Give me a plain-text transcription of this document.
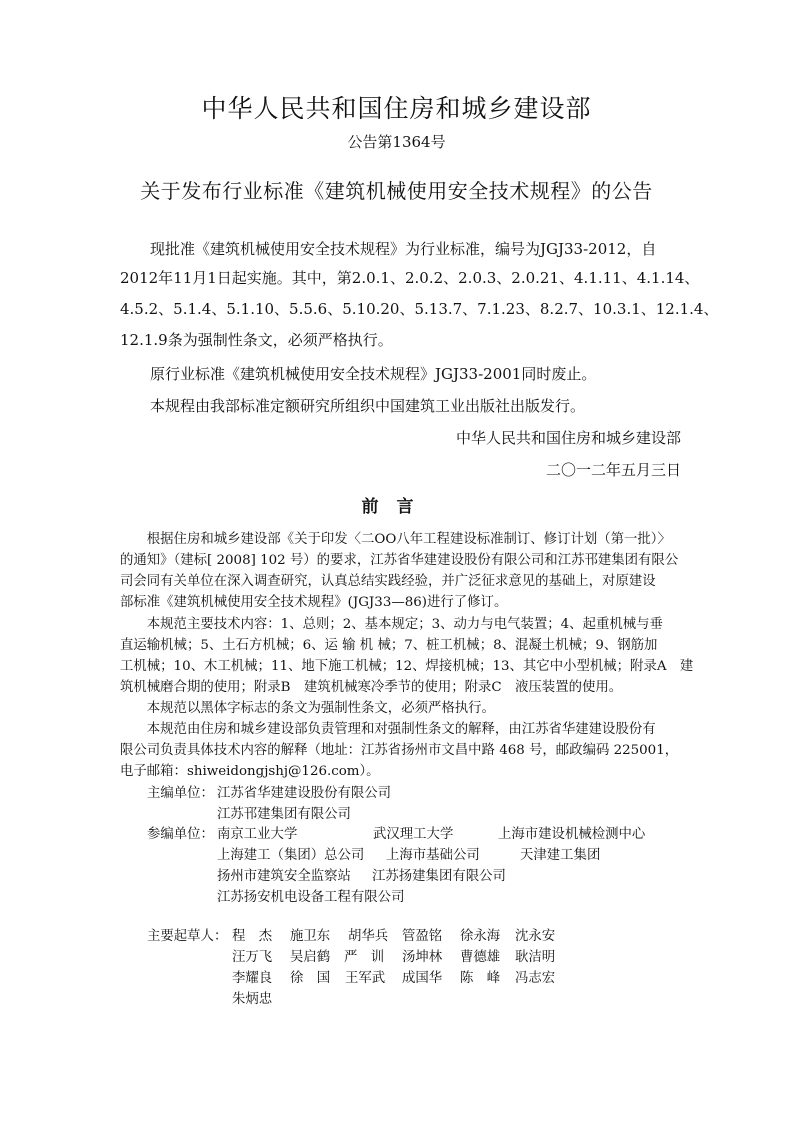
中华人民共和国住房和城乡建设部
公告第1364号
关于发布行业标准《建筑机械使用安全技术规程》的公告
　　现批准《建筑机械使用安全技术规程》为行业标准，编号为JGJ33-2012，自
2012年11月1日起实施。其中，第2.0.1、2.0.2、2.0.3、2.0.21、4.1.11、4.1.14、
4.5.2、5.1.4、5.1.10、5.5.6、5.10.20、5.13.7、7.1.23、8.2.7、10.3.1、12.1.4、
12.1.9条为强制性条文，必须严格执行。
　　原行业标准《建筑机械使用安全技术规程》JGJ33-2001同时废止。
　　本规程由我部标准定额研究所组织中国建筑工业出版社出版发行。
中华人民共和国住房和城乡建设部
二〇一二年五月三日
前言
　　根据住房和城乡建设部《关于印发〈二OO八年工程建设标准制订、修订计划（第一批）〉
的通知》（建标[ 2008] 102 号）的要求，江苏省华建建设股份有限公司和江苏邗建集团有限公
司会同有关单位在深入调查研究，认真总结实践经验，并广泛征求意见的基础上，对原建设
部标准《建筑机械使用安全技术规程》(JGJ33—86)进行了修订。
　　本规范主要技术内容：1、总则；2、基本规定；3、动力与电气装置；4、起重机械与垂
直运输机械；5、土石方机械；6、运 输 机 械；7、桩工机械；8、混凝土机械；9、钢筋加
工机械；10、木工机械；11、地下施工机械；12、焊接机械；13、其它中小型机械；附录A　建
筑机械磨合期的使用；附录B　建筑机械寒冷季节的使用；附录C　液压装置的使用。
　　本规范以黑体字标志的条文为强制性条文，必须严格执行。
　　本规范由住房和城乡建设部负责管理和对强制性条文的解释，由江苏省华建建设股份有
限公司负责具体技术内容的解释（地址：江苏省扬州市文昌中路 468 号，邮政编码 225001，
电子邮箱：shiweidongjshj@126.com）。
主编单位： 江苏省华建建设股份有限公司
江苏邗建集团有限公司
参编单位： 南京工业大学	武汉理工大学	上海市建设机械检测中心
上海建工（集团）总公司 上海市基础公司	天津建工集团
扬州市建筑安全监察站 江苏扬建集团有限公司
江苏扬安机电设备工程有限公司
主要起草人： 程　杰 施卫东 胡华兵 管盈铭 徐永海 沈永安
汪万飞 吴启鹤 严　训 汤坤林 曹德雄 耿洁明
李耀良 徐　国 王军武 成国华 陈　峰 冯志宏
朱炳忠
